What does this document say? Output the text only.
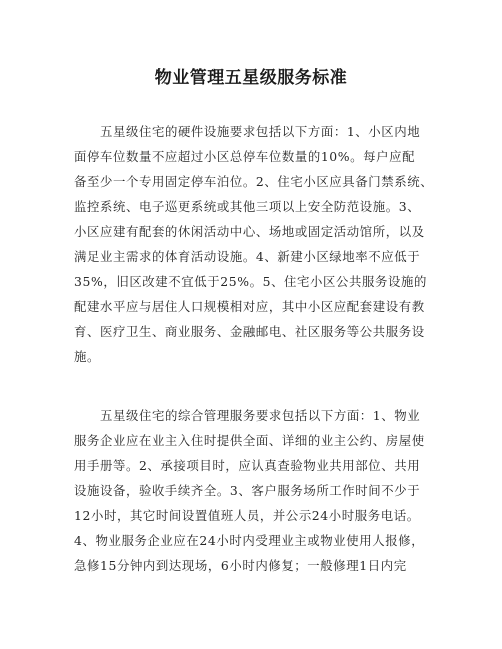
物业管理五星级服务标准
五星级住宅的硬件设施要求包括以下方面：1、小区内地
面停车位数量不应超过小区总停车位数量的10%。每户应配
备至少一个专用固定停车泊位。2、住宅小区应具备门禁系统、
监控系统、电子巡更系统或其他三项以上安全防范设施。3、
小区应建有配套的休闲活动中心、场地或固定活动馆所，以及
满足业主需求的体育活动设施。4、新建小区绿地率不应低于
35%，旧区改建不宜低于25%。5、住宅小区公共服务设施的
配建水平应与居住人口规模相对应，其中小区应配套建设有教
育、医疗卫生、商业服务、金融邮电、社区服务等公共服务设
施。
五星级住宅的综合管理服务要求包括以下方面：1、物业
服务企业应在业主入住时提供全面、详细的业主公约、房屋使
用手册等。2、承接项目时，应认真查验物业共用部位、共用
设施设备，验收手续齐全。3、客户服务场所工作时间不少于
12小时，其它时间设置值班人员，并公示24小时服务电话。
4、物业服务企业应在24小时内受理业主或物业使用人报修，
急修15分钟内到达现场，6小时内修复；一般修理1日内完
